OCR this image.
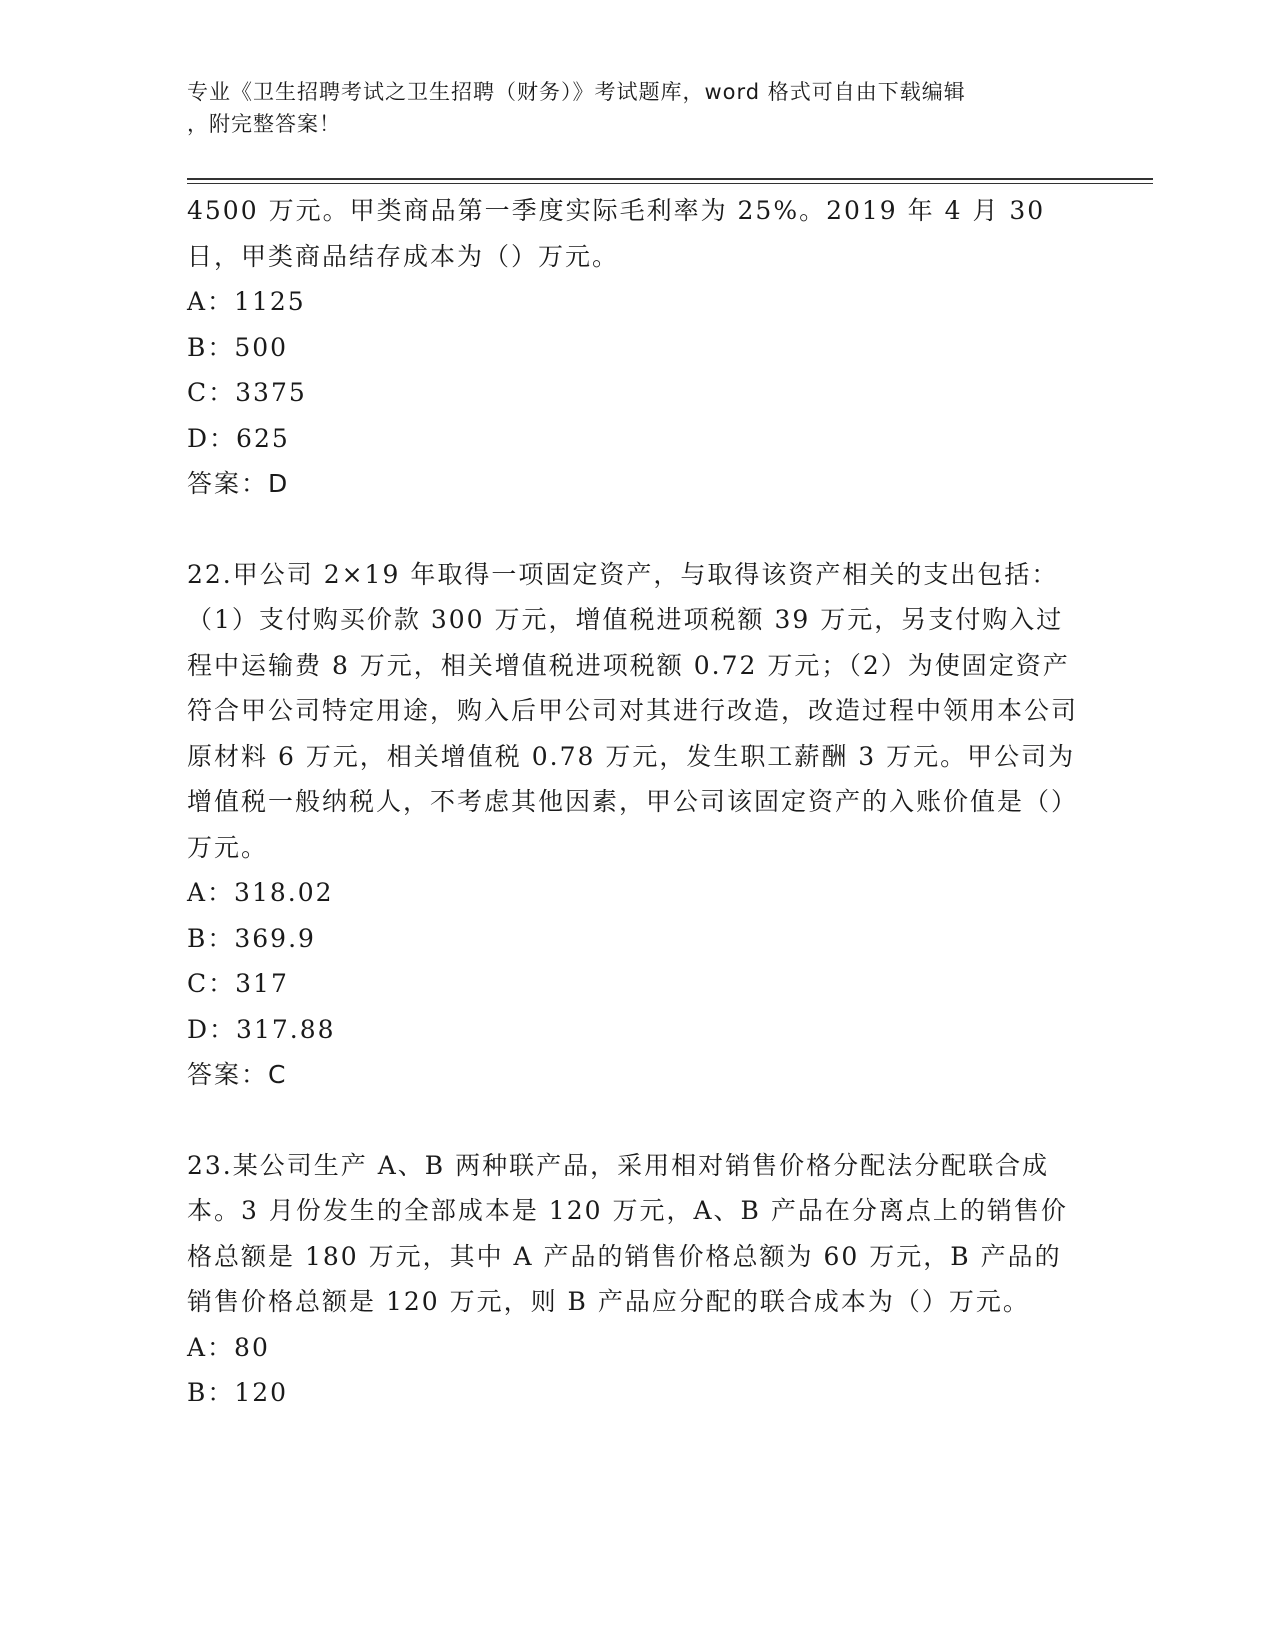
专业《卫生招聘考试之卫生招聘（财务）》考试题库，word 格式可自由下载编辑
，附完整答案！
4500 万元。甲类商品第一季度实际毛利率为 25%。2019 年 4 月 30 日，甲类商品结存成本为（）万元。
A：1125
B：500
C：3375
D：625
答案：D
22.甲公司 2×19 年取得一项固定资产，与取得该资产相关的支出包括：（1）支付购买价款 300 万元，增值税进项税额 39 万元，另支付购入过程中运输费 8 万元，相关增值税进项税额 0.72 万元；（2）为使固定资产符合甲公司特定用途，购入后甲公司对其进行改造，改造过程中领用本公司原材料 6 万元，相关增值税 0.78 万元，发生职工薪酬 3 万元。甲公司为增值税一般纳税人，不考虑其他因素，甲公司该固定资产的入账价值是（）万元。
A：318.02
B：369.9
C：317
D：317.88
答案：C
23.某公司生产 A、B 两种联产品，采用相对销售价格分配法分配联合成本。3 月份发生的全部成本是 120 万元，A、B 产品在分离点上的销售价格总额是 180 万元，其中 A 产品的销售价格总额为 60 万元，B 产品的销售价格总额是 120 万元，则 B 产品应分配的联合成本为（）万元。
A：80
B：120
